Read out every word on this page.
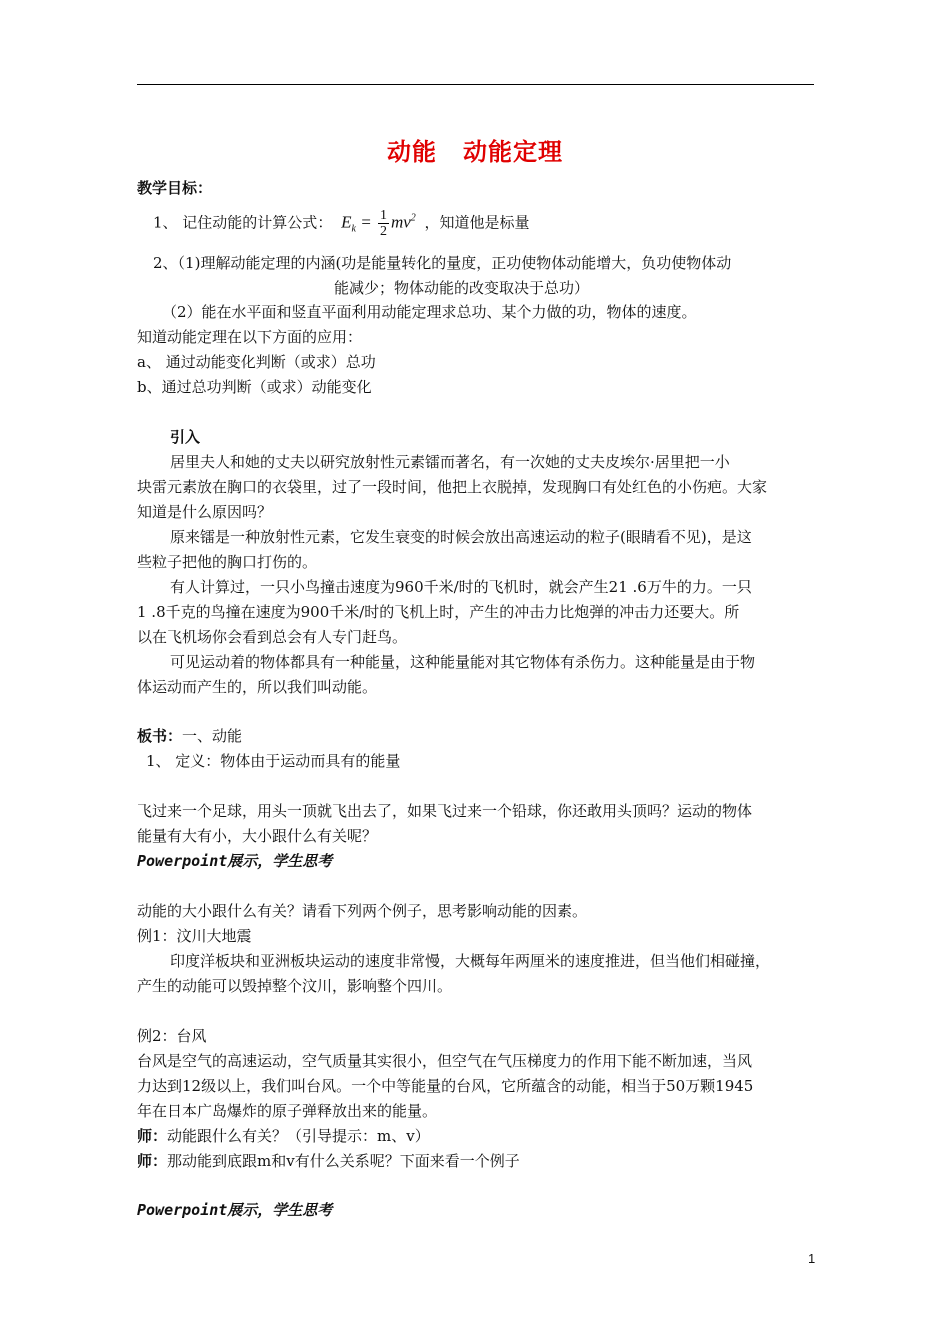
动能 动能定理
教学目标：
1、 记住动能的计算公式： $E_k = \frac{1}{2} mv^2$ ，知道他是标量
2、（1)理解动能定理的内涵(功是能量转化的量度，正功使物体动能增大，负功使物体动
能减少；物体动能的改变取决于总功）
（2）能在水平面和竖直平面利用动能定理求总功、某个力做的功，物体的速度。
知道动能定理在以下方面的应用：
a、 通过动能变化判断（或求）总功
b、通过总功判断（或求）动能变化
引入
居里夫人和她的丈夫以研究放射性元素镭而著名，有一次她的丈夫皮埃尔·居里把一小
块雷元素放在胸口的衣袋里，过了一段时间，他把上衣脱掉，发现胸口有处红色的小伤疤。大家
知道是什么原因吗？
原来镭是一种放射性元素，它发生衰变的时候会放出高速运动的粒子(眼睛看不见)，是这
些粒子把他的胸口打伤的。
有人计算过，一只小鸟撞击速度为960千米/时的飞机时，就会产生21 .6万牛的力。一只
1 .8千克的鸟撞在速度为900千米/时的飞机上时，产生的冲击力比炮弹的冲击力还要大。所
以在飞机场你会看到总会有人专门赶鸟。
可见运动着的物体都具有一种能量，这种能量能对其它物体有杀伤力。这种能量是由于物
体运动而产生的，所以我们叫动能。
板书：一、动能
1、 定义：物体由于运动而具有的能量
飞过来一个足球，用头一顶就飞出去了，如果飞过来一个铅球，你还敢用头顶吗？运动的物体
能量有大有小，大小跟什么有关呢？
Powerpoint展示，学生思考
动能的大小跟什么有关？请看下列两个例子，思考影响动能的因素。
例1：汶川大地震
印度洋板块和亚洲板块运动的速度非常慢，大概每年两厘米的速度推进，但当他们相碰撞，
产生的动能可以毁掉整个汶川，影响整个四川。
例2：台风
台风是空气的高速运动，空气质量其实很小，但空气在气压梯度力的作用下能不断加速，当风
力达到12级以上，我们叫台风。一个中等能量的台风，它所蕴含的动能，相当于50万颗1945
年在日本广岛爆炸的原子弹释放出来的能量。
师：动能跟什么有关？（引导提示：m、v）
师：那动能到底跟m和v有什么关系呢？下面来看一个例子
Powerpoint展示，学生思考
1
